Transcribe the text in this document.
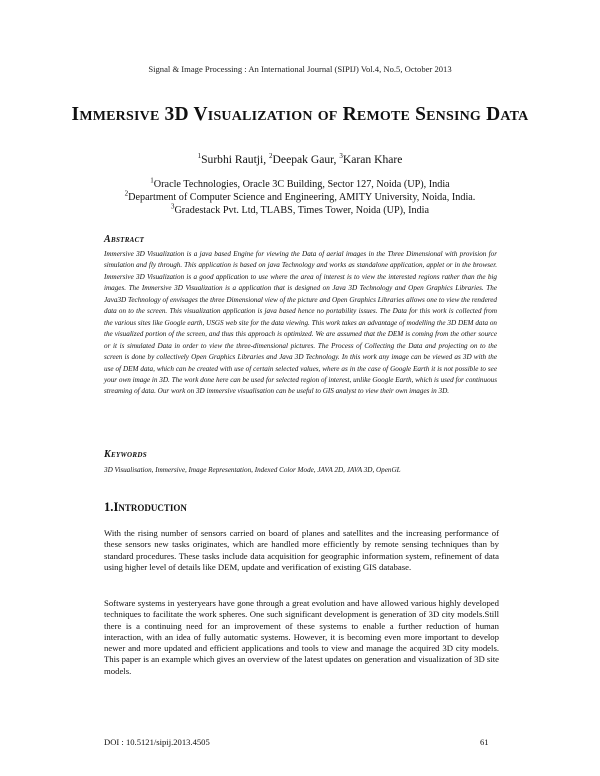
Signal & Image Processing : An International Journal (SIPIJ) Vol.4, No.5, October 2013
Immersive 3D Visualization of Remote Sensing Data
$^1$Surbhi Rautji, $^2$Deepak Gaur, $^3$Karan Khare
$^1$Oracle Technologies, Oracle 3C Building, Sector 127, Noida (UP), India
$^2$Department of Computer Science and Engineering, AMITY University, Noida, India.
$^3$Gradestack Pvt. Ltd, TLABS, Times Tower, Noida (UP), India
Abstract
Immersive 3D Visualization is a java based Engine for viewing the Data of aerial images in the Three Dimensional with provision for simulation and fly through. This application is based on java Technology and works as standalone application, applet or in the browser. Immersive 3D Visualization is a good application to use where the area of interest is to view the interested regions rather than the big images. The Immersive 3D Visualization is a application that is designed on Java 3D Technology and Open Graphics Libraries. The Java3D Technology of envisages the three Dimensional view of the picture and Open Graphics Libraries allows one to view the rendered data on to the screen. This visualization application is java based hence no portability issues. The Data for this work is collected from the various sites like Google earth, USGS web site for the data viewing. This work takes an advantage of modelling the 3D DEM data on the visualized portion of the screen, and thus this approach is optimized. We are assumed that the DEM is coming from the other source or it is simulated Data in order to view the three-dimensional pictures. The Process of Collecting the Data and projecting on to the screen is done by collectively Open Graphics Libraries and Java 3D Technology. In this work any image can be viewed as 3D with the use of DEM data, which can be created with use of certain selected values, where as in the case of Google Earth it is not possible to see your own image in 3D. The work done here can be used for selected region of interest, unlike Google Earth, which is used for continuous streaming of data. Our work on 3D immersive visualisation can be useful to GIS analyst to view their own images in 3D.
Keywords
3D Visualisation, Immersive, Image Representation, Indexed Color Mode, JAVA 2D, JAVA 3D, OpenGL
1.Introduction
With the rising number of sensors carried on board of planes and satellites and the increasing performance of these sensors new tasks originates, which are handled more efficiently by remote sensing techniques than by standard procedures. These tasks include data acquisition for geographic information system, refinement of data using higher level of details like DEM, update and verification of existing GIS database.
Software systems in yesteryears have gone through a great evolution and have allowed various highly developed techniques to facilitate the work spheres. One such significant development is generation of 3D city models.Still there is a continuing need for an improvement of these systems to enable a further reduction of human interaction, with an idea of fully automatic systems. However, it is becoming even more important to develop newer and more updated and efficient applications and tools to view and manage the acquired 3D city models. This paper is an example which gives an overview of the latest updates on generation and visualization of 3D site models.
DOI : 10.5121/sipij.2013.4505	61
